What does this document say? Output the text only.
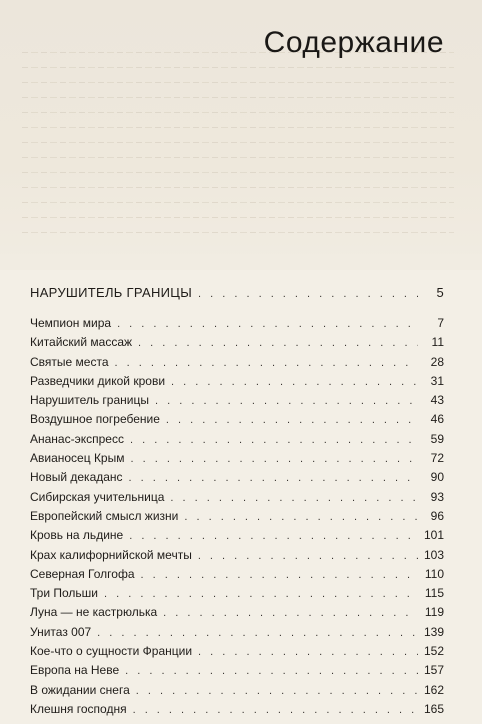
Содержание
НАРУШИТЕЛЬ ГРАНИЦЫ . . .	5
Чемпион мира . . .	7
Китайский массаж . . .	11
Святые места . . .	28
Разведчики дикой крови . . .	31
Нарушитель границы . . .	43
Воздушное погребение . . .	46
Ананас-экспресс . . .	59
Авианосец Крым . . .	72
Новый декаданс . . .	90
Сибирская учительница . . .	93
Европейский смысл жизни . . .	96
Кровь на льдине . . .	101
Крах калифорнийской мечты . . .	103
Северная Голгофа . . .	110
Три Польши . . .	115
Луна — не кастрюлька . . .	119
Унитаз 007 . . .	139
Кое-что о сущности Франции . . .	152
Европа на Неве . . .	157
В ожидании снега . . .	162
Клешня господня . . .	165
